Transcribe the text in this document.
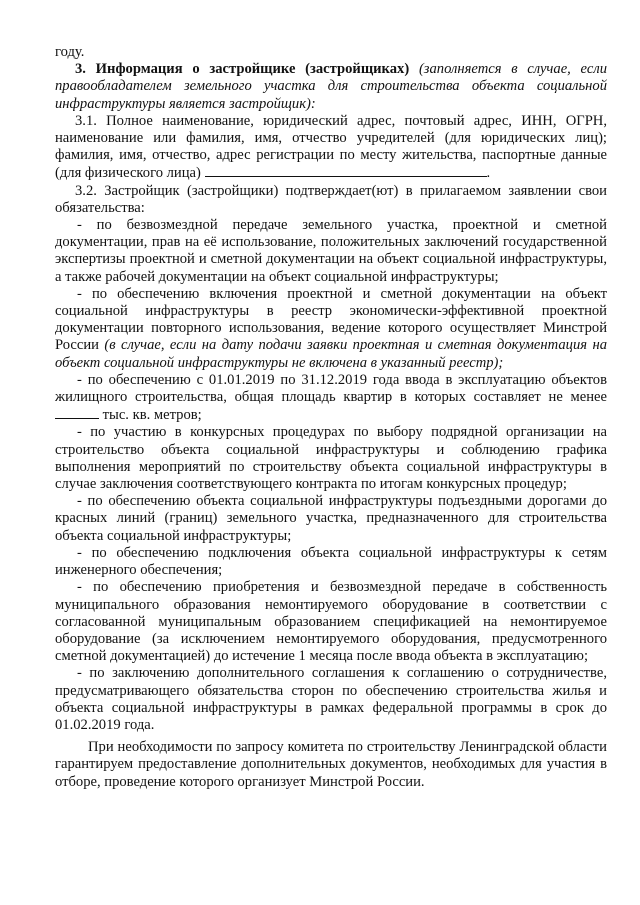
году.

3. Информация о застройщике (застройщиках) (заполняется в случае, если правообладателем земельного участка для строительства объекта социальной инфраструктуры является застройщик):

3.1. Полное наименование, юридический адрес, почтовый адрес, ИНН, ОГРН, наименование или фамилия, имя, отчество учредителей (для юридических лиц); фамилия, имя, отчество, адрес регистрации по месту жительства, паспортные данные (для физического лица)	.

3.2. Застройщик (застройщики) подтверждает(ют) в прилагаемом заявлении свои обязательства:

- по безвозмездной передаче земельного участка, проектной и сметной документации, прав на её использование, положительных заключений государственной экспертизы проектной и сметной документации на объект социальной инфраструктуры, а также рабочей документации на объект социальной инфраструктуры;

- по обеспечению включения проектной и сметной документации на объект социальной инфраструктуры в реестр экономически-эффективной проектной документации повторного использования, ведение которого осуществляет Минстрой России (в случае, если на дату подачи заявки проектная и сметная документация на объект социальной инфраструктуры не включена в указанный реестр);

- по обеспечению с 01.01.2019 по 31.12.2019 года ввода в эксплуатацию объектов жилищного строительства, общая площадь квартир в которых составляет не менее  тыс. кв. метров;

- по участию в конкурсных процедурах по выбору подрядной организации на строительство объекта социальной инфраструктуры и соблюдению графика выполнения мероприятий по строительству объекта социальной инфраструктуры в случае заключения соответствующего контракта по итогам конкурсных процедур;

- по обеспечению объекта социальной инфраструктуры подъездными дорогами до красных линий (границ) земельного участка, предназначенного для строительства объекта социальной инфраструктуры;

- по обеспечению подключения объекта социальной инфраструктуры к сетям инженерного обеспечения;

- по обеспечению приобретения и безвозмездной передаче в собственность муниципального образования немонтируемого оборудованиe в соответствии с согласованной муниципальным образованием спецификацией на немонтируемое оборудование (за исключением немонтируемого оборудования, предусмотренного сметной документацией) до истечение 1 месяца после ввода объекта в эксплуатацию;

- по заключению дополнительного соглашения к соглашению о сотрудничестве, предусматривающего обязательства сторон по обеспечению строительства жилья и объекта социальной инфраструктуры в рамках федеральной программы в срок до 01.02.2019 года.

При необходимости по запросу комитета по строительству Ленинградской области гарантируем предоставление дополнительных документов, необходимых для участия в отборе, проведение которого организует Минстрой России.
